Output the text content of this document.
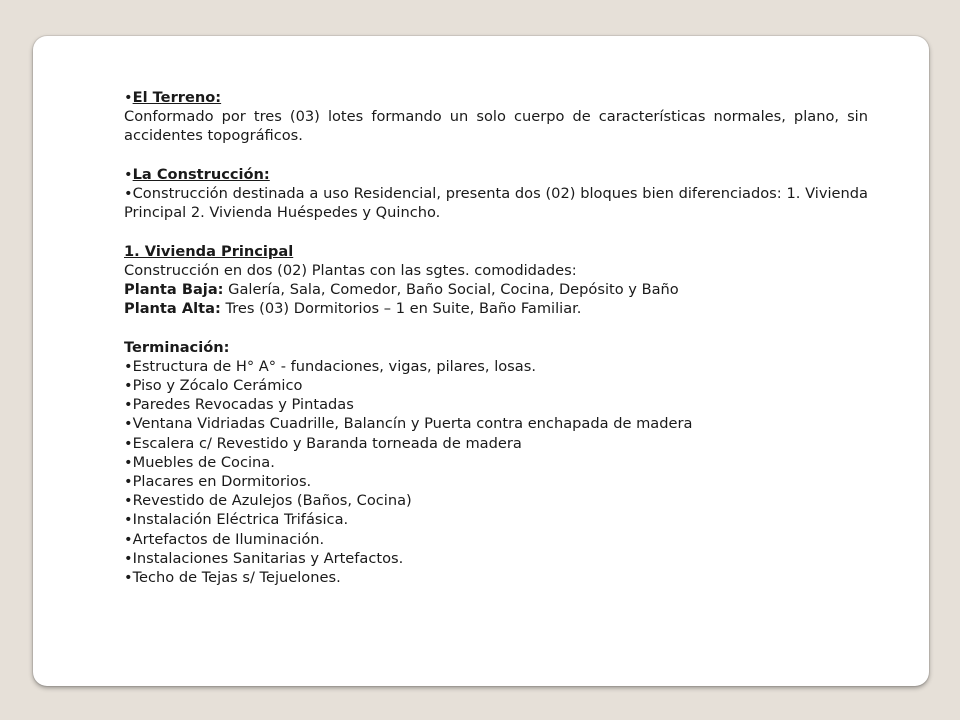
• El Terreno:

Conformado por tres (03) lotes formando un solo cuerpo de características normales, plano, sin accidentes topográficos.

• La Construcción:

• Construcción destinada a uso Residencial, presenta dos (02) bloques bien diferenciados: 1. Vivienda Principal 2. Vivienda Huéspedes y Quincho.

1. Vivienda Principal

Construcción en dos (02) Plantas con las sgtes. comodidades:

Planta Baja: Galería, Sala, Comedor, Baño Social, Cocina, Depósito y Baño

Planta Alta: Tres (03) Dormitorios – 1 en Suite, Baño Familiar.

Terminación:

• Estructura de H° A° - fundaciones, vigas, pilares, losas.

• Piso y Zócalo Cerámico

• Paredes Revocadas y Pintadas

• Ventana Vidriadas Cuadrille, Balancín y Puerta contra enchapada de madera

• Escalera c/ Revestido y Baranda torneada de madera

• Muebles de Cocina.

• Placares en Dormitorios.

• Revestido de Azulejos (Baños, Cocina)

• Instalación Eléctrica Trifásica.

• Artefactos de Iluminación.

• Instalaciones Sanitarias y Artefactos.

• Techo de Tejas s/ Tejuelones.
